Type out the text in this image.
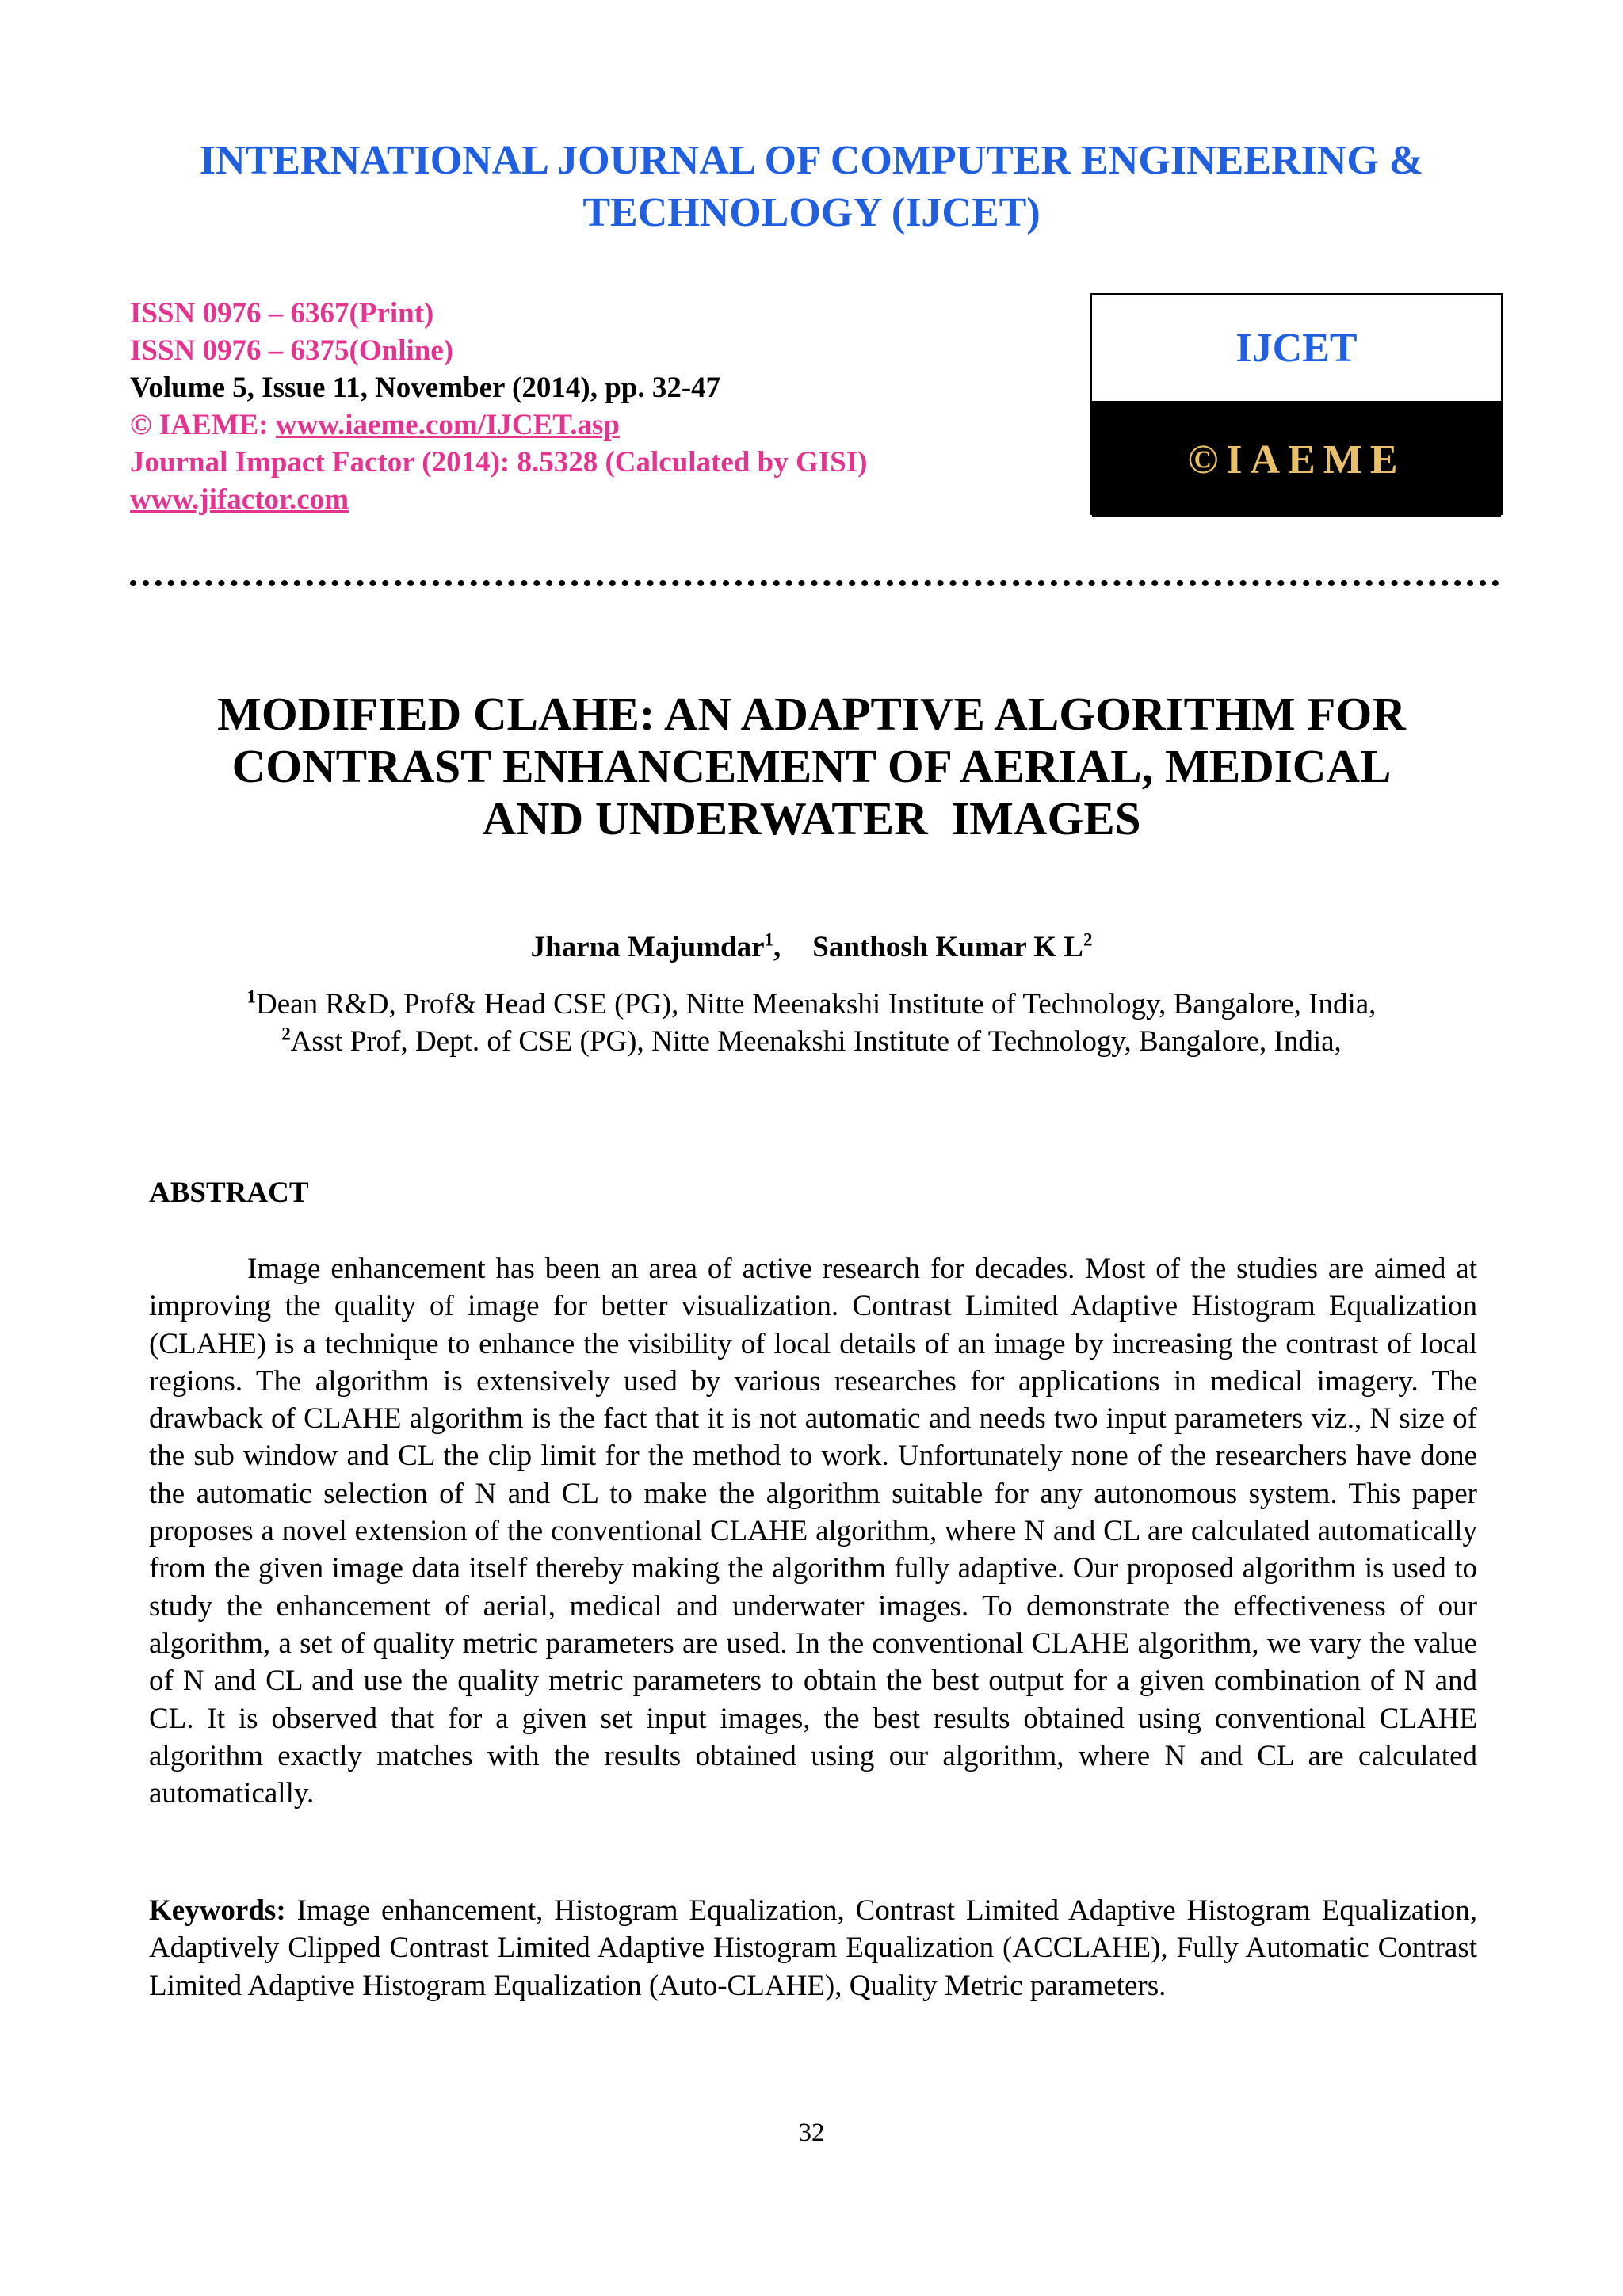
INTERNATIONAL JOURNAL OF COMPUTER ENGINEERING &
TECHNOLOGY (IJCET)
ISSN 0976 – 6367(Print)
ISSN 0976 – 6375(Online)
Volume 5, Issue 11, November (2014), pp. 32-47
© IAEME: www.iaeme.com/IJCET.asp
Journal Impact Factor (2014): 8.5328 (Calculated by GISI)
www.jifactor.com
IJCET
©IAEME
MODIFIED CLAHE: AN ADAPTIVE ALGORITHM FOR
CONTRAST ENHANCEMENT OF AERIAL, MEDICAL
AND UNDERWATER  IMAGES
Jharna Majumdar$^1$, Santhosh Kumar K $L^2$
$^1$Dean R&D, Prof& Head CSE (PG), Nitte Meenakshi Institute of Technology, Bangalore, India,
$^2$Asst Prof, Dept. of CSE (PG), Nitte Meenakshi Institute of Technology, Bangalore, India,
ABSTRACT

Image enhancement has been an area of active research for decades. Most of the studies are aimed at improving the quality of image for better visualization. Contrast Limited Adaptive Histogram Equalization (CLAHE) is a technique to enhance the visibility of local details of an image by increasing the contrast of local regions. The algorithm is extensively used by various researches for applications in medical imagery. The drawback of CLAHE algorithm is the fact that it is not automatic and needs two input parameters viz., N size of the sub window and CL the clip limit for the method to work. Unfortunately none of the researchers have done the automatic selection of N and CL to make the algorithm suitable for any autonomous system. This paper proposes a novel extension of the conventional CLAHE algorithm, where N and CL are calculated automatically from the given image data itself thereby making the algorithm fully adaptive. Our proposed algorithm is used to study the enhancement of aerial, medical and underwater images. To demonstrate the effectiveness of our algorithm, a set of quality metric parameters are used. In the conventional CLAHE algorithm, we vary the value of N and CL and use the quality metric parameters to obtain the best output for a given combination of N and CL. It is observed that for a given set input images, the best results obtained using conventional CLAHE algorithm exactly matches with the results obtained using our algorithm, where N and CL are calculated automatically.

Keywords: Image enhancement, Histogram Equalization, Contrast Limited Adaptive Histogram Equalization, Adaptively Clipped Contrast Limited Adaptive Histogram Equalization (ACCLAHE), Fully Automatic Contrast Limited Adaptive Histogram Equalization (Auto-CLAHE), Quality Metric parameters.

32
